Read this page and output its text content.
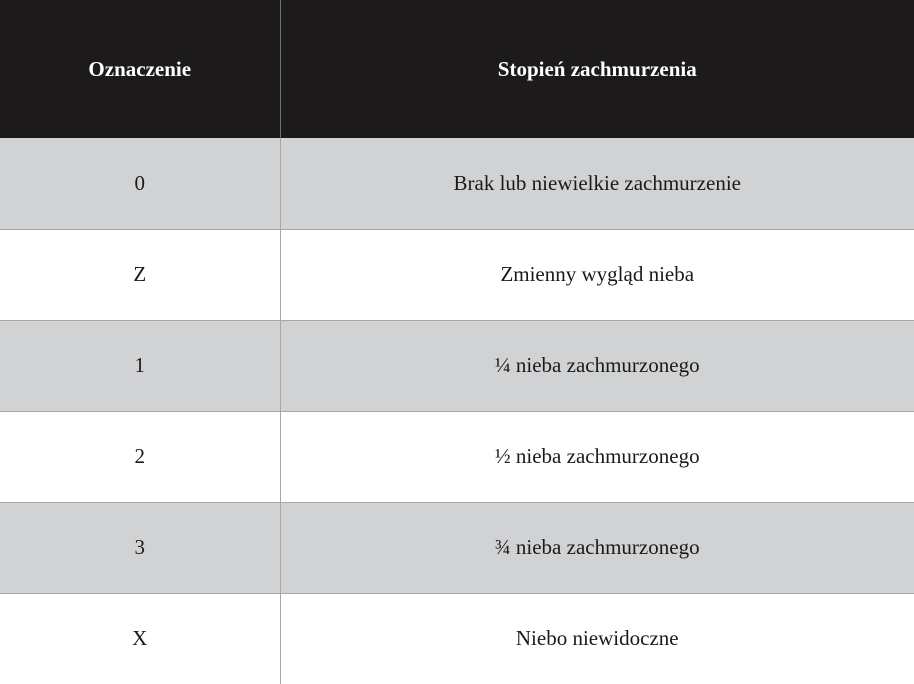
Oznaczenie	Stopień zachmurzenia
0	Brak lub niewielkie zachmurzenie
Z	Zmienny wygląd nieba
1	¼ nieba zachmurzonego
2	½ nieba zachmurzonego
3	¾ nieba zachmurzonego
X	Niebo niewidoczne
